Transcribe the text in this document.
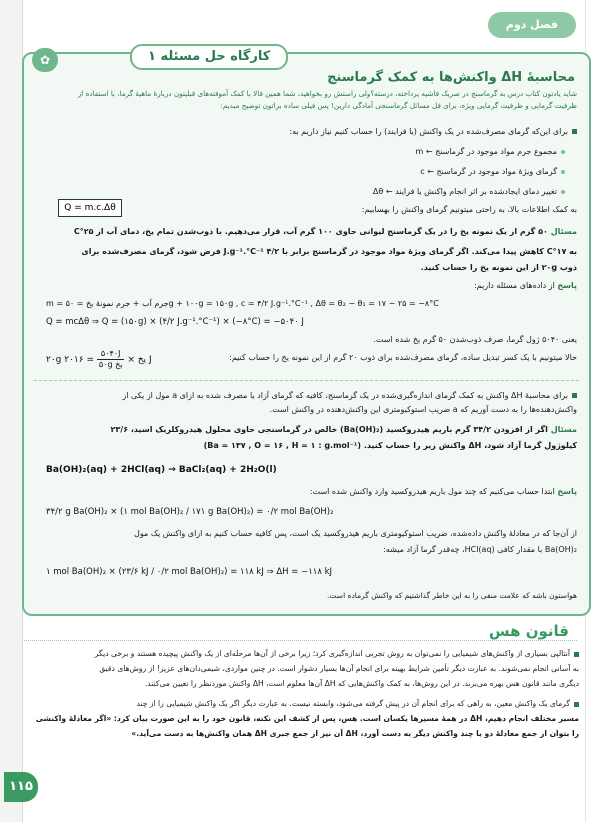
فصل دوم
✿	کارگاه حل مسئله ۱
محاسبهٔ ΔH واکنش‌ها به کمک گرماسنج
شاید یادتون کتاب درس به گرماسنج در صریک فاشیه پرداخته، درسته؟ولی راستش رو بخواهید، شما همین فالا با کمک آموفته‌های قبلیتون دربارهٔ ماهیهٔ گرما، با استفاده از
ظرفیت گرمایی و ظرفیت گرمایی ویژه، برای فل مسائل گرماسنجی آمادگی دارین! پس فیلی ساده براتون توضیح میدیم:
برای این‌که گرمای مصرف‌شده در یک واکنش (یا فرایند) را حساب کنیم نیاز داریم به:
مجموع جرم مواد موجود در گرماسنج ← m
گرمای ویژهٔ مواد موجود در گرماسنج ← c
تغییر دمای ایجادشده بر اثر انجام واکنش یا فرایند ← Δθ
به کمک اطلاعات بالا، به راحتی میتونیم گرمای واکنش را بهسابیم:
Q = m.c.Δθ
مسئال ۵۰ گرم از یک نمونه یخ را در یک گرماسنج لیوانی حاوی ۱۰۰ گرم آب، قرار می‌دهیم. با ذوب‌شدن تمام یخ، دمای آب از ۲۵°C
به ۱۷°C کاهش پیدا می‌کند. اگر گرمای ویژهٔ مواد موجود در گرماسنج برابر با ۴/۲ J.g⁻¹.°C⁻¹ فرض شود، گرمای مصرف‌شده برای
ذوب ۲۰g از این نمونه یخ را حساب کنید.
پاسخ از داده‌های مسئله داریم:
m = جرم آب + جرم نمونهٔ یخ = ۵۰g + ۱۰۰g = ۱۵۰g , c = ۴/۲ J.g⁻¹.°C⁻¹ , Δθ = θ₂ − θ₁ = ۱۷ − ۲۵ = −۸°C
Q = mcΔθ ⇒ Q = (۱۵۰g) × (۴/۲ J.g⁻¹.°C⁻¹) × (−۸°C) = −۵۰۴۰ J
یعنی ۵۰۴۰ ژول گرما، صرف ذوب‌شدن ۵۰ گرم یخ شده است.
حالا میتونیم با یک کسر تبدیل ساده، گرمای مصرف‌شده برای ذوب ۲۰ گرم از این نمونه یخ را حساب کنیم:
۲۰g یخ ×
$\frac{۵۰۴۰J}{\text{۵۰g یخ}}$
= ۲۰۱۶ J
برای محاسبهٔ ΔH واکنش به کمک گرمای اندازه‌گیری‌شده در یک گرماسنج، کافیه که گرمای آزاد یا مصرف شده به ازای a مول از یکی از
واکنش‌دهنده‌ها را به دست آوریم که a ضریب استوکیومتری این واکنش‌دهنده در واکنش است.
مسئال اگر از افزودن ۳۴/۲ گرم باریم هیدروکسید (Ba(OH)₂) خالص در گرماسنجی حاوی محلول هیدروکلریک اسید، ۲۳/۶
کیلوژول گرما آزاد شود، ΔH واکنش زیر را حساب کنید. (Ba = ۱۳۷ , O = ۱۶ , H = ۱ : g.mol⁻¹)
Ba(OH)₂(aq) + 2HCl(aq) → BaCl₂(aq) + 2H₂O(l)
پاسخ ابتدا حساب می‌کنیم که چند مول باریم هیدروکسید وارد واکنش شده است:
۳۴/۲ g Ba(OH)₂ × (۱ mol Ba(OH)₂ / ۱۷۱ g Ba(OH)₂) = ۰/۲ mol Ba(OH)₂
از آن‌جا که در معادلهٔ واکنش داده‌شده، ضریب استوکیومتری باریم هیدروکسید یک است، پس کافیه حساب کنیم به ازای واکنش یک مول
Ba(OH)₂ با مقدار کافی HCl(aq)، چه‌قدر گرما آزاد میشه:
۱ mol Ba(OH)₂ × (۲۳/۶ kJ / ۰/۲ mol Ba(OH)₂) = ۱۱۸ kJ ⇒ ΔH = −۱۱۸ kJ
هواستون باشه که علامت منفی را به این خاطر گذاشتیم که واکنش گرماده است.
قانون هس
آنتالپی بسیاری از واکنش‌های شیمیایی را نمی‌توان به روش تجربی اندازه‌گیری کرد؛ زیرا برخی از آن‌ها مرحله‌ای از یک واکنش پیچیده هستند و برخی دیگر
به آسانی انجام نمی‌شوند. به عبارت دیگر تأمین شرایط بهینه برای انجام آن‌ها بسیار دشوار است. در چنین مواردی، شیمی‌دان‌های عزیز! از روش‌های دقیق
دیگری مانند قانون هس بهره می‌برند. در این روش‌ها، به کمک واکنش‌هایی که ΔH آن‌ها معلوم است، ΔH واکنش موردنظر را تعیین می‌کنند.
گرمای یک واکنش معین، به راهی که برای انجام آن در پیش گرفته می‌شود، وابسته نیست. به عبارت دیگر اگر یک واکنش شیمیایی را از چند
مسیر مختلف انجام دهیم، ΔH در همهٔ مسیرها یکسان است. هس، پس از کشف این نکته، قانون خود را به این صورت بیان کرد: «اگر معادلهٔ واکنشی
را بتوان از جمع معادلهٔ دو یا چند واکنش دیگر به دست آورد، ΔH آن نیز از جمع جبری ΔH همان واکنش‌ها به دست می‌آید.»
۱۱۵
